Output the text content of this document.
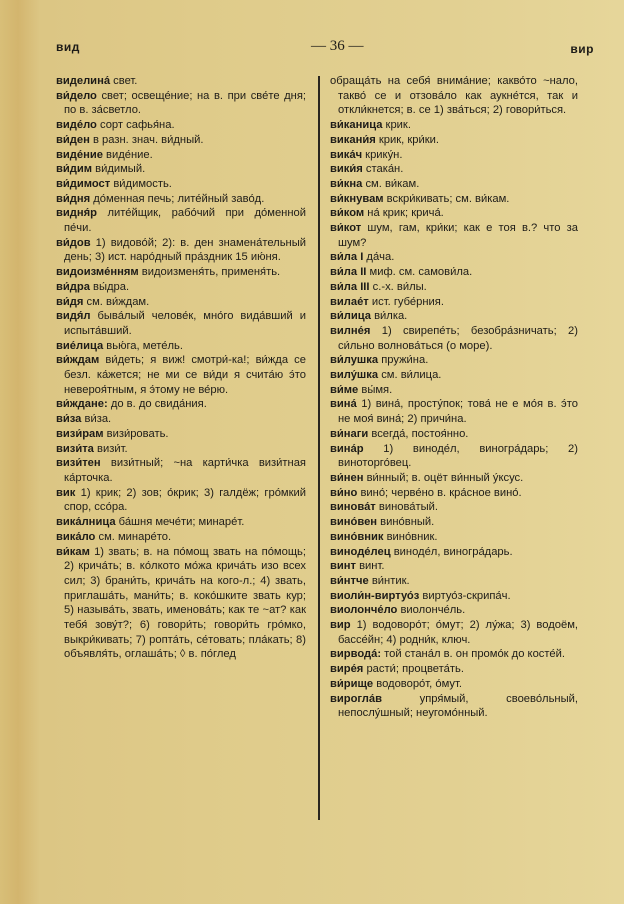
вид	— 36 —	вир

виделина́ свет.

ви́дело свет; освеще́ние; на в. при све́те дня; по в. за́светло.

виде́ло сорт сафья́на.

ви́ден в разн. знач. ви́дный.

виде́ние виде́ние.

ви́дим ви́димый.

ви́димост ви́димость.

ви́дня до́менная печь; лите́йный заво́д.

видня́р лите́йщик, рабо́чий при до́менной пе́чи.

ви́дов 1) видово́й; 2): в. ден знамена́тельный день; 3) ист. наро́дный пра́здник 15 ию́ня.

видоизме́нням видоизменя́ть, применя́ть.

ви́дра вы́дра.

ви́дя см. ви́ждам.

видя́л быва́лый челове́к, мно́го вида́вший и испыта́вший.

вие́лица вью́га, мете́ль.

ви́ждам ви́деть; я виж! смотри́-ка!; ви́жда се безл. ка́жется; не ми се ви́ди я счита́ю э́то невероя́тным, я э́тому не ве́рю.

ви́ждане: до в. до свида́ния.

ви́за ви́за.

визи́рам визи́ровать.

визи́та визи́т.

визи́тен визи́тный; ~на карти́чка визи́тная ка́рточка.

вик 1) крик; 2) зов; о́крик; 3) галдёж; гро́мкий спор, ссо́ра.

вика́лница ба́шня мече́ти; минаре́т.

вика́ло см. минаре́то.

ви́кам 1) звать; в. на по́мощ звать на по́мощь; 2) крича́ть; в. ко́лкото мо́жа крича́ть изо всех сил; 3) брани́ть, крича́ть на кого-л.; 4) звать, приглаша́ть, мани́ть; в. коко́шките звать кур; 5) называ́ть, звать, именова́ть; как те ~ат? как тебя́ зову́т?; 6) говори́ть; говори́ть гро́мко, выкри́кивать; 7) ропта́ть, се́товать; пла́кать; 8) объявля́ть, оглаша́ть; ◊ в. по́глед

обраща́ть на себя́ внима́ние; какво́то ~нало, такво́ се и отзова́ло как аукне́тся, так и откли́кнется; в. се 1) зва́ться; 2) говори́ться.

ви́каница крик.

викани́я крик, кри́ки.

вика́ч крику́н.

вики́я стака́н.

ви́кна см. ви́кам.

ви́кнувам вскри́кивать; см. ви́кам.

ви́ком на́ крик; крича́.

ви́кот шум, гам, кри́ки; как е тоя в.? что за шум?

ви́ла I да́ча.

ви́ла II миф. см. самови́ла.

ви́ла III с.-х. ви́лы.

вилае́т ист. губе́рния.

ви́лица ви́лка.

вилне́я 1) свирепе́ть; безобра́зничать; 2) си́льно волнова́ться (о море).

ви́лушка пружи́на.

вилу́шка см. ви́лица.

ви́ме вы́мя.

вина́ 1) вина́, просту́пок; това́ не е мо́я в. э́то не моя́ вина́; 2) причи́на.

ви́наги всегда́, постоя́нно.

вина́р 1) виноде́л, виногра́дарь; 2) виноторго́вец.

ви́нен ви́нный; в. оцёт ви́нный у́ксус.

ви́но вино́; черве́но в. кра́сное вино́.

винова́т винова́тый.

вино́вен вино́вный.

вино́вник вино́вник.

виноде́лец виноде́л, виногра́дарь.

винт винт.

ви́нтче ви́нтик.

виоли́н-виртуо́з виртуо́з-скрипа́ч.

виолонче́ло виолонче́ль.

вир 1) водоворо́т; о́мут; 2) лу́жа; 3) водоём, бассе́йн; 4) родни́к, ключ.

вирводá: той стана́л в. он промо́к до косте́й.

вире́я расти́; процвета́ть.

ви́рище водоворо́т, о́мут.

вирогла́в упря́мый, своево́льный, непослу́шный; неугомо́нный.
